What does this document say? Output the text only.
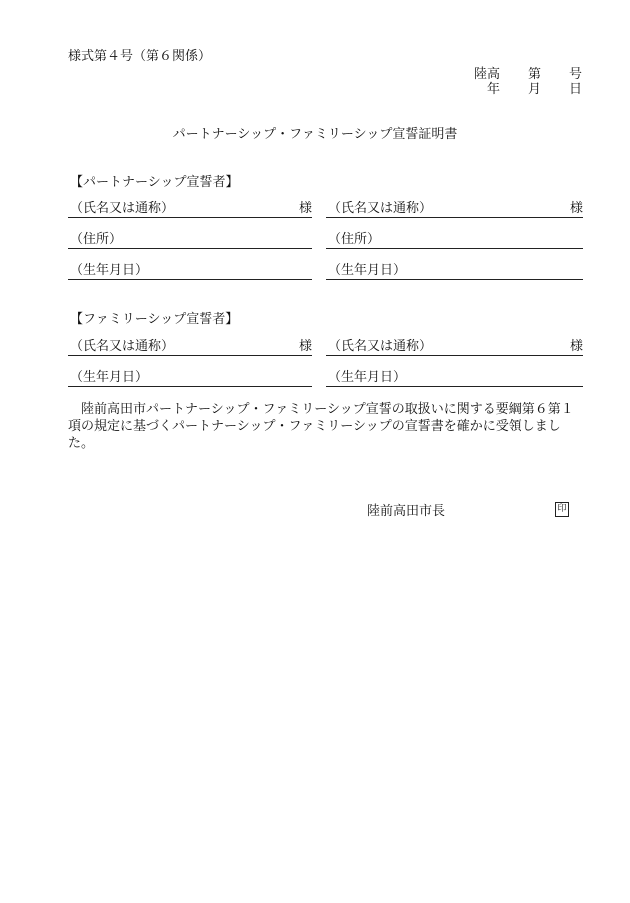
様式第４号（第６関係）
陸高 第 号
年 月 日
パートナーシップ・ファミリーシップ宣誓証明書
【パートナーシップ宣誓者】
（氏名又は通称）	様 （氏名又は通称）	様
（住所）	（住所）
（生年月日）	（生年月日）
【ファミリーシップ宣誓者】
（氏名又は通称）	様 （氏名又は通称）	様
（生年月日）	（生年月日）
陸前高田市パートナーシップ・ファミリーシップ宣誓の取扱いに関する要綱第６第１項の規定に基づくパートナーシップ・ファミリーシップの宣誓書を確かに受領しました。
陸前高田市長	印
